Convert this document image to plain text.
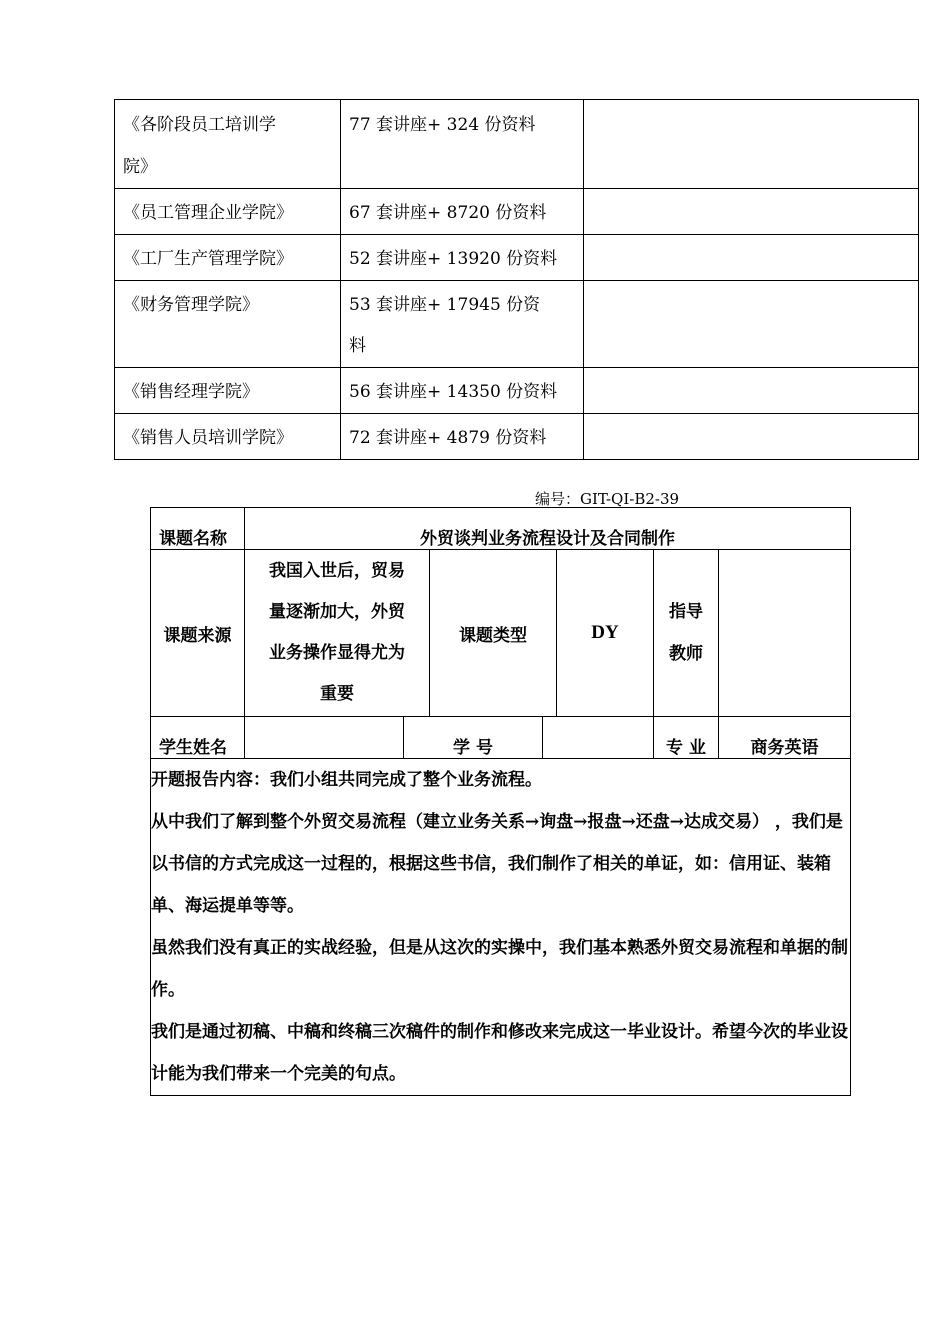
《各阶段员工培训学
院》	77 套讲座+ 324 份资料	
《员工管理企业学院》	67 套讲座+ 8720 份资料	
《工厂生产管理学院》	52 套讲座+ 13920 份资料	
《财务管理学院》	53 套讲座+ 17945 份资
料	
《销售经理学院》	56 套讲座+ 14350 份资料	
《销售人员培训学院》	72 套讲座+ 4879 份资料	
编号：GIT-QI-B2-39
课题名称	外贸谈判业务流程设计及合同制作						
课题来源	我国入世后，贸易
量逐渐加大，外贸
业务操作显得尤为
重要		课题类型		DY	指导
教师	
学生姓名		学 号				专 业	商务英语

开题报告内容：我们小组共同完成了整个业务流程。

从中我们了解到整个外贸交易流程（建立业务关系→询盘→报盘→还盘→达成交易） ，我们是以书信的方式完成这一过程的，根据这些书信，我们制作了相关的单证，如：信用证、装箱单、海运提单等等。

虽然我们没有真正的实战经验，但是从这次的实操中，我们基本熟悉外贸交易流程和单据的制作。

我们是通过初稿、中稿和终稿三次稿件的制作和修改来完成这一毕业设计。希望今次的毕业设计能为我们带来一个完美的句点。							
